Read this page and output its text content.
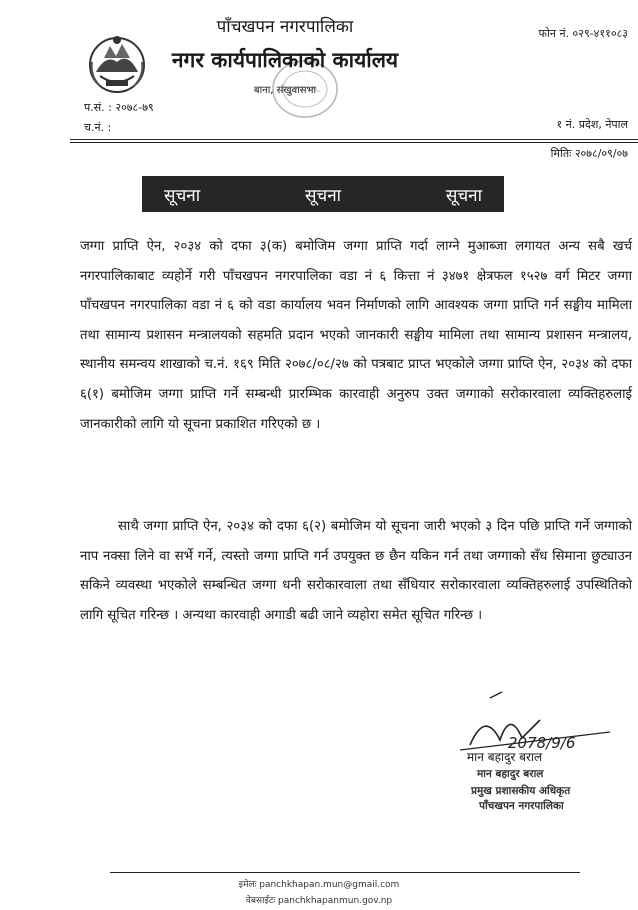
पाँचखपन नगरपालिका
नगर कार्यपालिकाको कार्यालय
बाना, संखुवासभा
फोन नं. ०२९-४११०८३
प.सं. : २०७८-७९
च.नं. :	१ नं. प्रदेश, नेपाल
मितिः २०७८/०९/०७
सूचना	सूचना	सूचना

जग्गा प्राप्ति ऐन, २०३४ को दफा ३(क) बमोजिम जग्गा प्राप्ति गर्दा लाग्ने मुआब्जा लगायत अन्य सबै खर्च नगरपालिकाबाट व्यहोर्ने गरी पाँचखपन नगरपालिका वडा नं ६ कित्ता नं ३४७१ क्षेत्रफल १५२७ वर्ग मिटर जग्गा पाँचखपन नगरपालिका वडा नं ६ को वडा कार्यालय भवन निर्माणको लागि आवश्यक जग्गा प्राप्ति गर्न सङ्घीय मामिला तथा सामान्य प्रशासन मन्त्रालयको सहमति प्रदान भएको जानकारी सङ्घीय मामिला तथा सामान्य प्रशासन मन्त्रालय, स्थानीय समन्वय शाखाको च.नं. १६९ मिति २०७८/०८/२७ को पत्रबाट प्राप्त भएकोले जग्गा प्राप्ति ऐन, २०३४ को दफा ६(१) बमोजिम जग्गा प्राप्ति गर्ने सम्बन्धी प्रारम्भिक कारवाही अनुरुप उक्त जग्गाको सरोकारवाला व्यक्तिहरुलाई जानकारीको लागि यो सूचना प्रकाशित गरिएको छ ।

साथै जग्गा प्राप्ति ऐन, २०३४ को दफा ६(२) बमोजिम यो सूचना जारी भएको ३ दिन पछि प्राप्ति गर्ने जग्गाको नाप नक्सा लिने वा सर्भे गर्ने, त्यस्तो जग्गा प्राप्ति गर्न उपयुक्त छ छैन यकिन गर्न तथा जग्गाको सँध सिमाना छुट्याउन सकिने व्यवस्था भएकोले सम्बन्धित जग्गा धनी सरोकारवाला तथा सँधियार सरोकारवाला व्यक्तिहरुलाई उपस्थितिको लागि सूचित गरिन्छ । अन्यथा कारवाही अगाडी बढी जाने व्यहोरा समेत सूचित गरिन्छ ।

2078/9/6
मान बहादुर बराल
मान बहादुर बराल
प्रमुख प्रशासकीय अधिकृत
पाँचखपन नगरपालिका
इमेलः panchkhapan.mun@gmail.com
वेबसाईटः panchkhapanmun.gov.np
